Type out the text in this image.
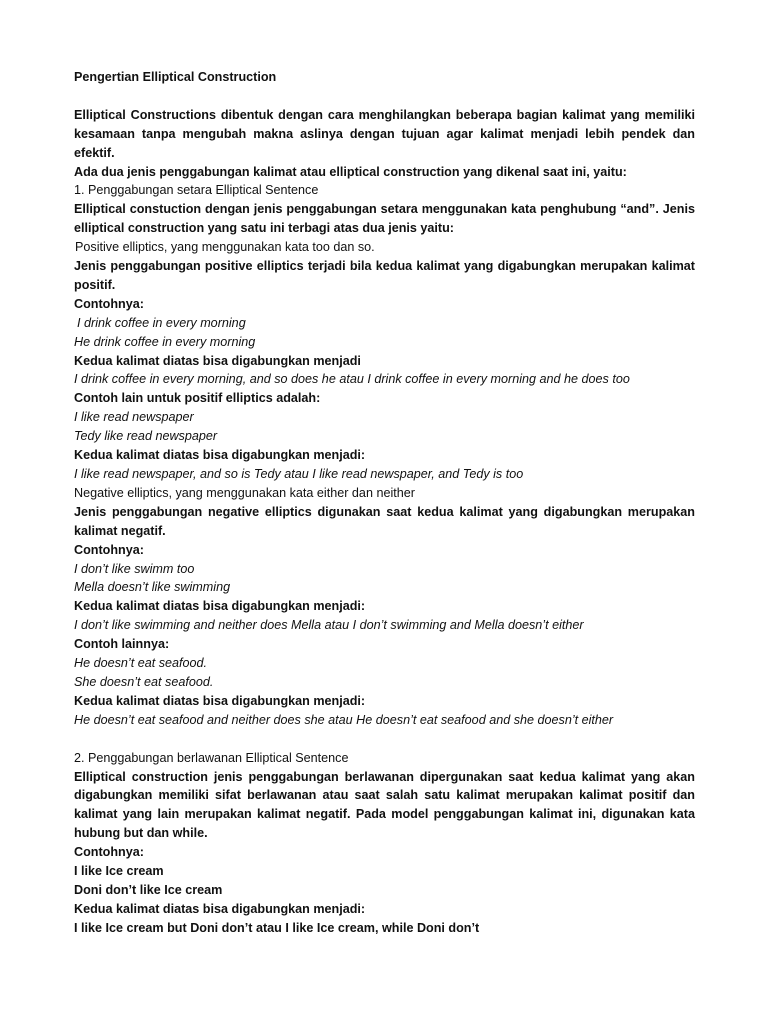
Pengertian Elliptical Construction

Elliptical Constructions dibentuk dengan cara menghilangkan beberapa bagian kalimat yang memiliki kesamaan tanpa mengubah makna aslinya dengan tujuan agar kalimat menjadi lebih pendek dan efektif.

Ada dua jenis penggabungan kalimat atau elliptical construction yang dikenal saat ini, yaitu:

1. Penggabungan setara Elliptical Sentence

Elliptical constuction dengan jenis penggabungan setara menggunakan kata penghubung “and”. Jenis elliptical construction yang satu ini terbagi atas dua jenis yaitu:

Positive elliptics, yang menggunakan kata too dan so.

Jenis penggabungan positive elliptics terjadi bila kedua kalimat yang digabungkan merupakan kalimat positif.

Contohnya:

I drink coffee in every morning

He drink coffee in every morning

Kedua kalimat diatas bisa digabungkan menjadi

I drink coffee in every morning, and so does he atau I drink coffee in every morning and he does too

Contoh lain untuk positif elliptics adalah:

I like read newspaper

Tedy like read newspaper

Kedua kalimat diatas bisa digabungkan menjadi:

I like read newspaper, and so is Tedy atau I like read newspaper, and Tedy is too

Negative elliptics, yang menggunakan kata either dan neither

Jenis penggabungan negative elliptics digunakan saat kedua kalimat yang digabungkan merupakan kalimat negatif.

Contohnya:

I don’t like swimm too

Mella doesn’t like swimming

Kedua kalimat diatas bisa digabungkan menjadi:

I don’t like swimming and neither does Mella atau I don’t swimming and Mella doesn’t either

Contoh lainnya:

He doesn’t eat seafood.

She doesn’t eat seafood.

Kedua kalimat diatas bisa digabungkan menjadi:

He doesn’t eat seafood and neither does she atau He doesn’t eat seafood and she doesn’t either

2. Penggabungan berlawanan Elliptical Sentence

Elliptical construction jenis penggabungan berlawanan dipergunakan saat kedua kalimat yang akan digabungkan memiliki sifat berlawanan atau saat salah satu kalimat merupakan kalimat positif dan kalimat yang lain merupakan kalimat negatif. Pada model penggabungan kalimat ini, digunakan kata hubung but dan while.

Contohnya:

I like Ice cream

Doni don’t like Ice cream

Kedua kalimat diatas bisa digabungkan menjadi:

I like Ice cream but Doni don’t atau I like Ice cream, while Doni don’t
